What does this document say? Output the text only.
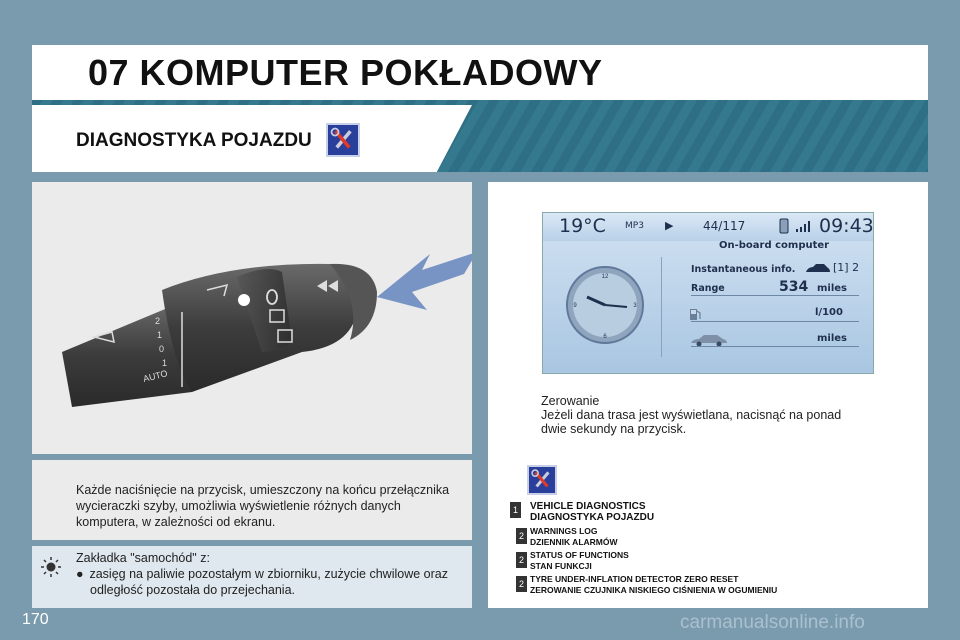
07 KOMPUTER POKŁADOWY
DIAGNOSTYKA POJAZDU
2
1
0
1
AUTO
Każde naciśnięcie na przycisk, umieszczony na końcu przełącznika wycieraczki szyby, umożliwia wyświetlenie różnych danych komputera, w zależności od ekranu.
Zakładka "samochód" z:
● zasięg na paliwie pozostałym w zbiorniku, zużycie chwilowe oraz
odległość pozostała do przejechania.
19°C MP3 ▶ 44/117	09:43
On-board computer
12
3
6
9
Instantaneous info.	[1] 2
Range	534 miles
l/100
miles
Zerowanie
Jeżeli dana trasa jest wyświetlana, nacisnąć na ponad
dwie sekundy na przycisk.
1	VEHICLE DIAGNOSTICS
DIAGNOSTYKA POJAZDU
2 WARNINGS LOG
DZIENNIK ALARMÓW
2 STATUS OF FUNCTIONS
STAN FUNKCJI
2 TYRE UNDER-INFLATION DETECTOR ZERO RESET
ZEROWANIE CZUJNIKA NISKIEGO CIŚNIENIA W OGUMIENIU
170	carmanualsonline.info
